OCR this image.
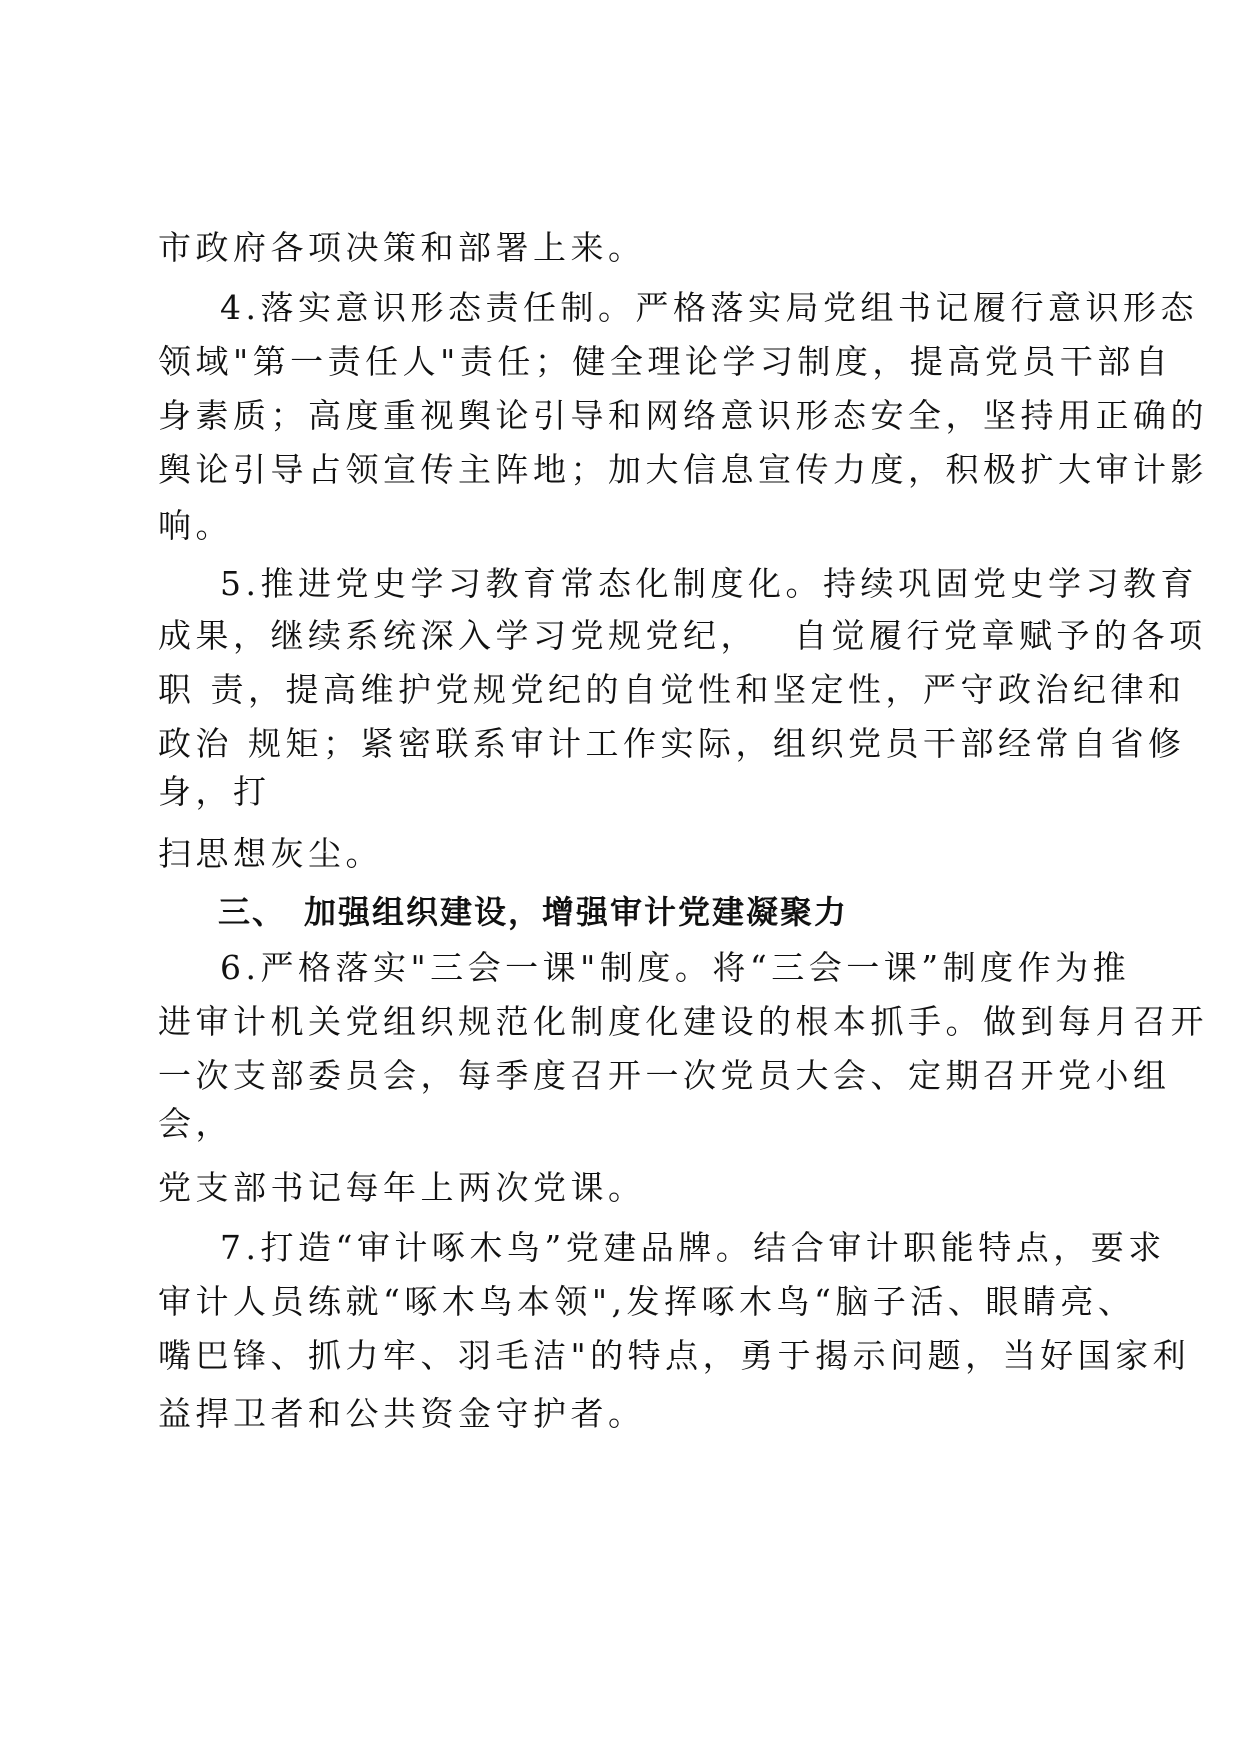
市政府各项决策和部署上来。
4.落实意识形态责任制。严格落实局党组书记履行意识形态
领域"第一责任人"责任；健全理论学习制度，提高党员干部自
身素质；高度重视舆论引导和网络意识形态安全，坚持用正确的
舆论引导占领宣传主阵地；加大信息宣传力度，积极扩大审计影
响。
5.推进党史学习教育常态化制度化。持续巩固党史学习教育
成果，继续系统深入学习党规党纪，　 自觉履行党章赋予的各项
职 责，提高维护党规党纪的自觉性和坚定性，严守政治纪律和
政治 规矩；紧密联系审计工作实际，组织党员干部经常自省修
身，打
扫思想灰尘。
三、　加强组织建设，增强审计党建凝聚力
6.严格落实"三会一课"制度。将“三会一课”制度作为推
进审计机关党组织规范化制度化建设的根本抓手。做到每月召开
一次支部委员会，每季度召开一次党员大会、定期召开党小组
会，
党支部书记每年上两次党课。
7.打造“审计啄木鸟”党建品牌。结合审计职能特点，要求
审计人员练就“啄木鸟本领",发挥啄木鸟“脑子活、眼睛亮、
嘴巴锋、抓力牢、羽毛洁"的特点，勇于揭示问题，当好国家利
益捍卫者和公共资金守护者。
